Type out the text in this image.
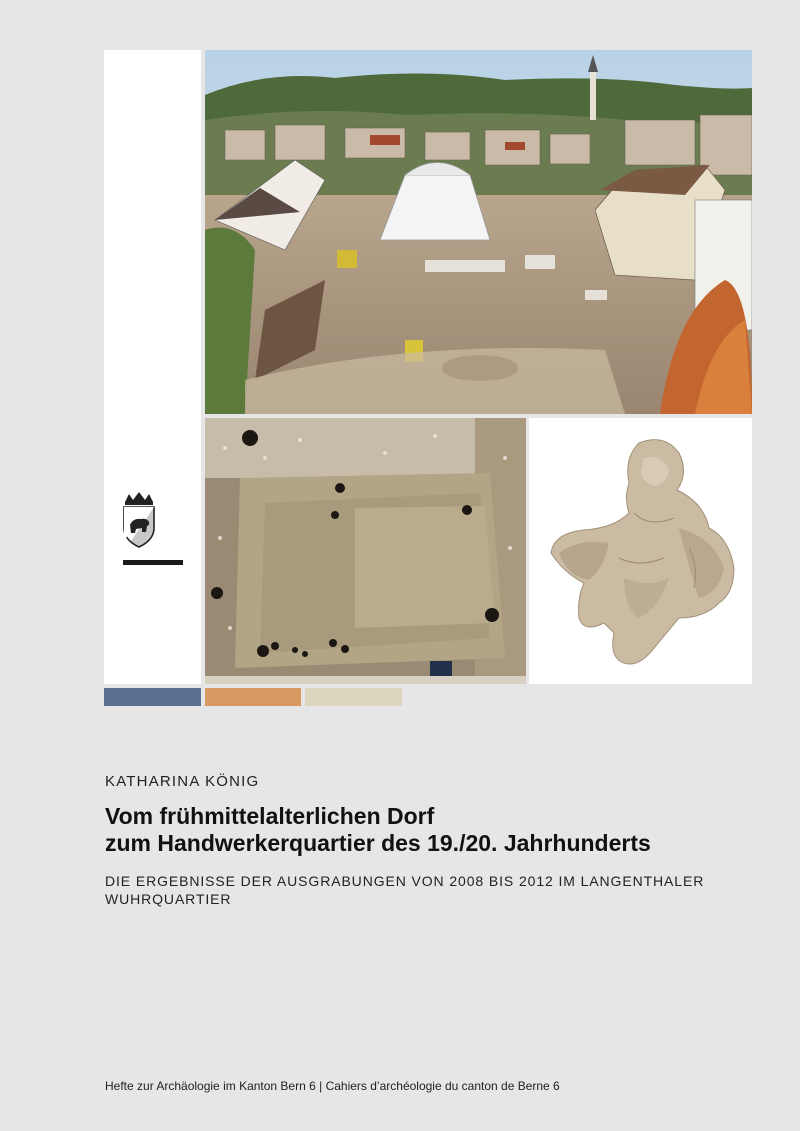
KATHARINA KÖNIG
Vom frühmittelalterlichen Dorf
zum Handwerkerquartier des 19./20. Jahrhunderts
DIE ERGEBNISSE DER AUSGRABUNGEN VON 2008 BIS 2012 IM LANGENTHALER WUHRQUARTIER
Hefte zur Archäologie im Kanton Bern 6 | Cahiers d’archéologie du canton de Berne 6
